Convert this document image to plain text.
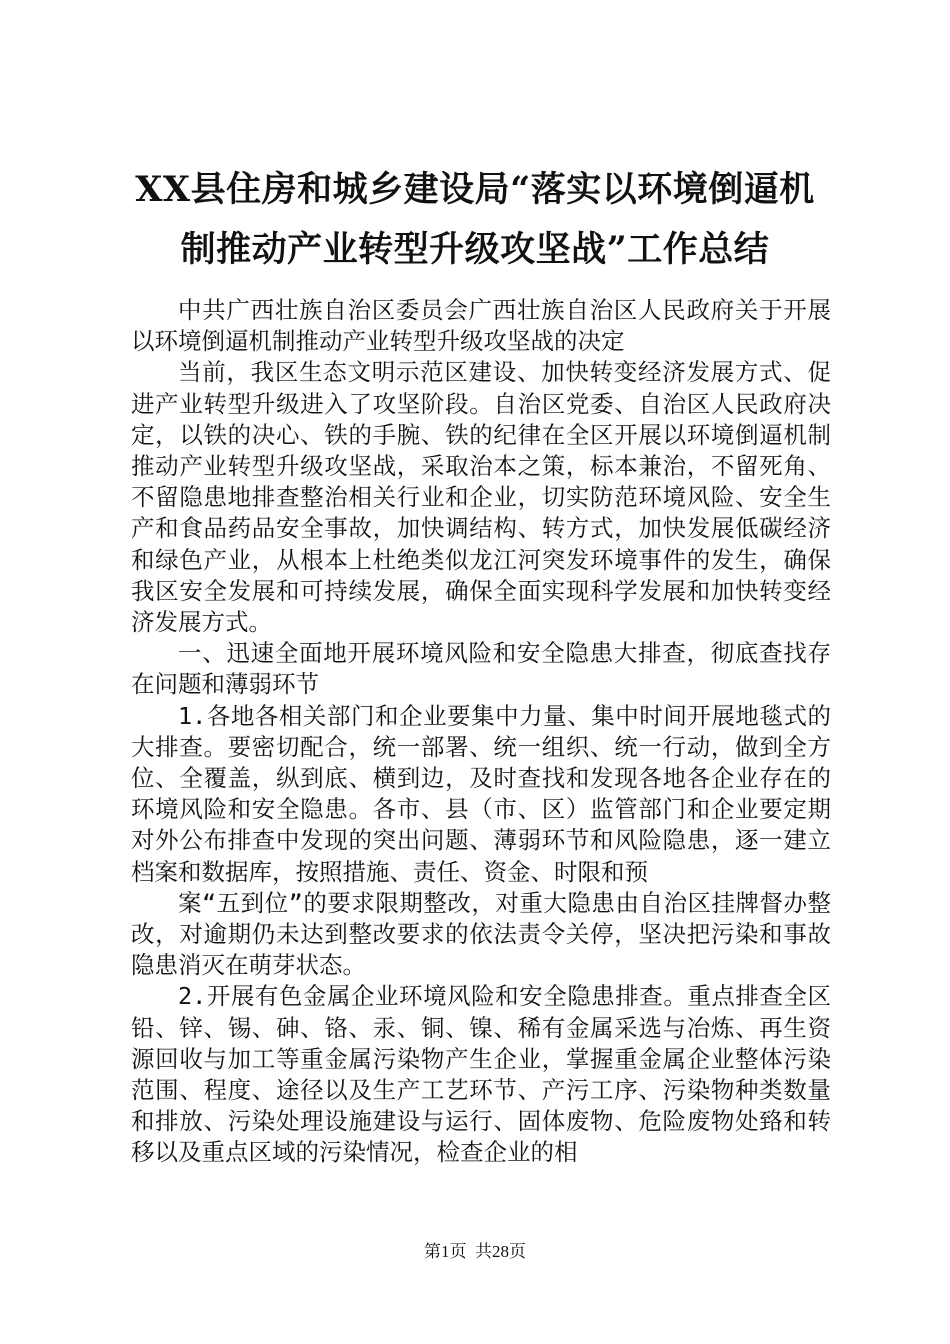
XX县住房和城乡建设局“落实以环境倒逼机
制推动产业转型升级攻坚战”工作总结

中共广西壮族自治区委员会广西壮族自治区人民政府关于开展以环境倒逼机制推动产业转型升级攻坚战的决定

当前，我区生态文明示范区建设、加快转变经济发展方式、促进产业转型升级进入了攻坚阶段。自治区党委、自治区人民政府决定，以铁的决心、铁的手腕、铁的纪律在全区开展以环境倒逼机制推动产业转型升级攻坚战，采取治本之策，标本兼治，不留死角、不留隐患地排查整治相关行业和企业，切实防范环境风险、安全生产和食品药品安全事故，加快调结构、转方式，加快发展低碳经济和绿色产业，从根本上杜绝类似龙江河突发环境事件的发生，确保我区安全发展和可持续发展，确保全面实现科学发展和加快转变经济发展方式。

一、迅速全面地开展环境风险和安全隐患大排查，彻底查找存在问题和薄弱环节

1.各地各相关部门和企业要集中力量、集中时间开展地毯式的大排查。要密切配合，统一部署、统一组织、统一行动，做到全方位、全覆盖，纵到底、横到边，及时查找和发现各地各企业存在的环境风险和安全隐患。各市、县（市、区）监管部门和企业要定期对外公布排查中发现的突出问题、薄弱环节和风险隐患，逐一建立档案和数据库，按照措施、责任、资金、时限和预

案“五到位”的要求限期整改，对重大隐患由自治区挂牌督办整改，对逾期仍未达到整改要求的依法责令关停，坚决把污染和事故隐患消灭在萌芽状态。

2.开展有色金属企业环境风险和安全隐患排查。重点排查全区铅、锌、锡、砷、铬、汞、铜、镍、稀有金属采选与冶炼、再生资源回收与加工等重金属污染物产生企业，掌握重金属企业整体污染范围、程度、途径以及生产工艺环节、产污工序、污染物种类数量和排放、污染处理设施建设与运行、固体废物、危险废物处臵和转移以及重点区域的污染情况，检查企业的相

第1页  共28页
